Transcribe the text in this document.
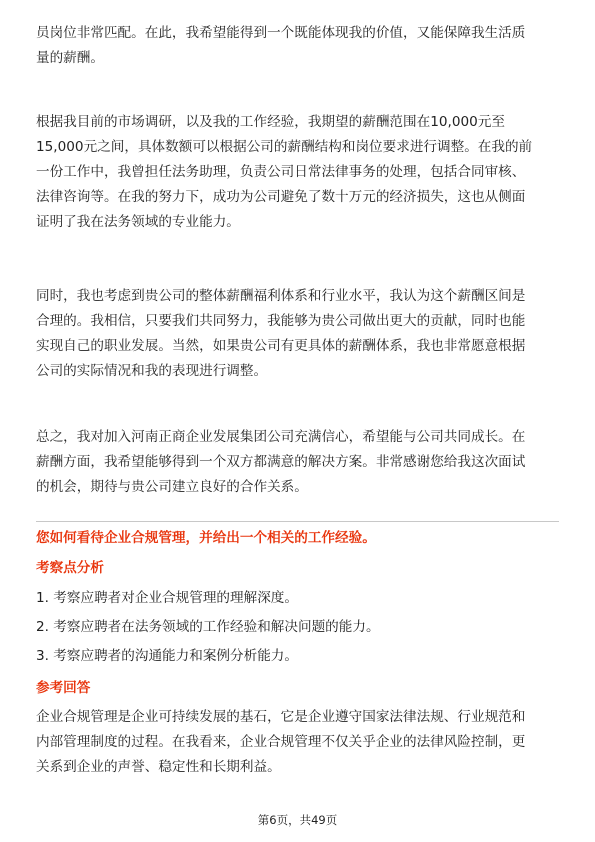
员岗位非常匹配。在此，我希望能得到一个既能体现我的价值，又能保障我生活质
量的薪酬。

根据我目前的市场调研，以及我的工作经验，我期望的薪酬范围在10,000元至
15,000元之间，具体数额可以根据公司的薪酬结构和岗位要求进行调整。在我的前
一份工作中，我曾担任法务助理，负责公司日常法律事务的处理，包括合同审核、
法律咨询等。在我的努力下，成功为公司避免了数十万元的经济损失，这也从侧面
证明了我在法务领域的专业能力。

同时，我也考虑到贵公司的整体薪酬福利体系和行业水平，我认为这个薪酬区间是
合理的。我相信，只要我们共同努力，我能够为贵公司做出更大的贡献，同时也能
实现自己的职业发展。当然，如果贵公司有更具体的薪酬体系，我也非常愿意根据
公司的实际情况和我的表现进行调整。

总之，我对加入河南正商企业发展集团公司充满信心，希望能与公司共同成长。在
薪酬方面，我希望能够得到一个双方都满意的解决方案。非常感谢您给我这次面试
的机会，期待与贵公司建立良好的合作关系。

您如何看待企业合规管理，并给出一个相关的工作经验。
考察点分析
1. 考察应聘者对企业合规管理的理解深度。
2. 考察应聘者在法务领域的工作经验和解决问题的能力。
3. 考察应聘者的沟通能力和案例分析能力。
参考回答

企业合规管理是企业可持续发展的基石，它是企业遵守国家法律法规、行业规范和
内部管理制度的过程。在我看来，企业合规管理不仅关乎企业的法律风险控制，更
关系到企业的声誉、稳定性和长期利益。

第6页，共49页
